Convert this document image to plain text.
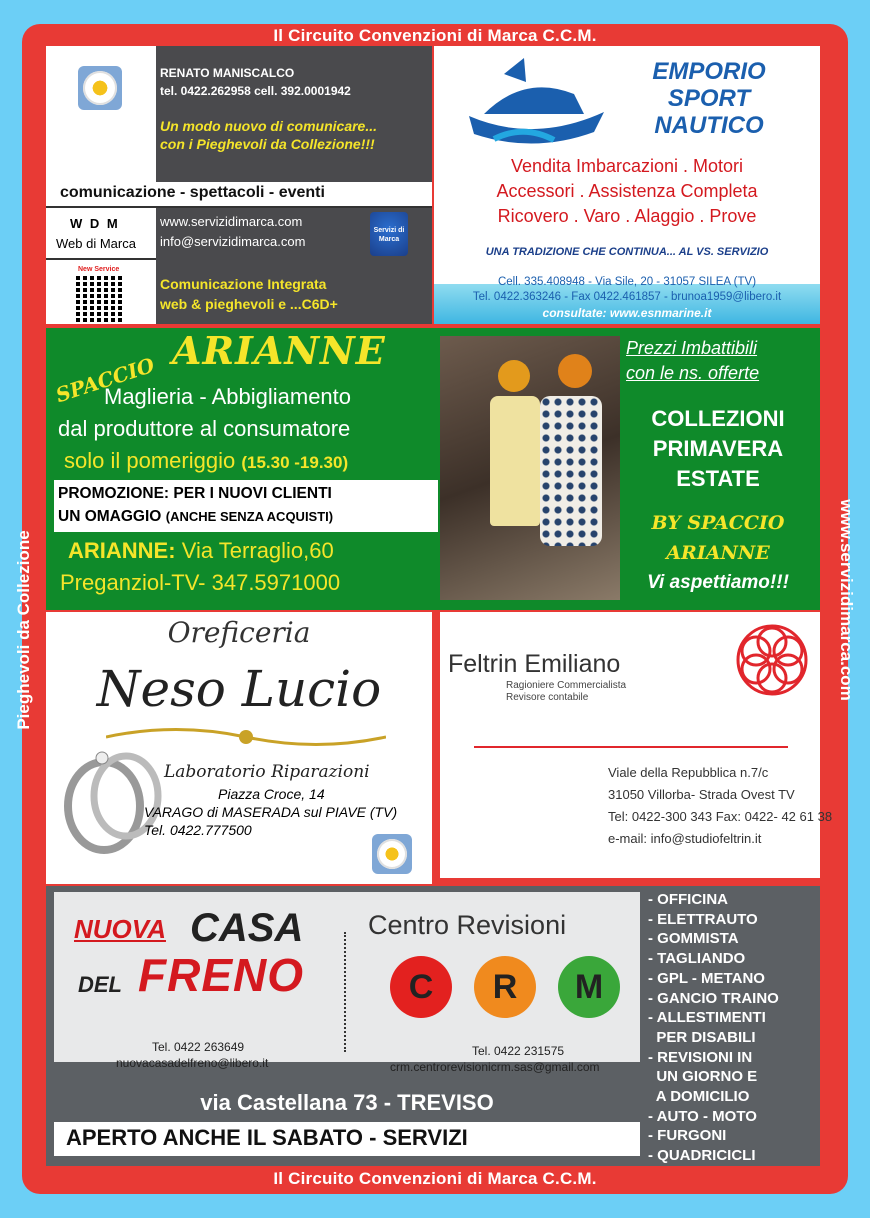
Il Circuito Convenzioni di Marca C.C.M.
Il Circuito Convenzioni di Marca C.C.M.
Pieghevoli da Collezione	www.servizidimarca.com
RENATO MANISCALCO
tel. 0422.262958 cell. 392.0001942
Un modo nuovo di comunicare...
con i Pieghevoli da Collezione!!!
comunicazione - spettacoli - eventi
www.servizidimarca.com
info@servizidimarca.com
Servizi di Marca
Comunicazione Integrata
web & pieghevoli e ...C6D+
W D M
Web di Marca
New Service
EMPORIO
SPORT
NAUTICO
Vendita Imbarcazioni . Motori
Accessori . Assistenza Completa
Ricovero . Varo . Alaggio . Prove
UNA TRADIZIONE CHE CONTINUA... AL VS. SERVIZIO
Cell. 335.408948 - Via Sile, 20 - 31057 SILEA (TV)
Tel. 0422.363246 - Fax 0422.461857 - brunoa1959@libero.it
consultate: www.esnmarine.it
SPACCIO
ARIANNE
Maglieria - Abbigliamento
dal produttore al consumatore
solo il pomeriggio (15.30 -19.30)
PROMOZIONE: PER I NUOVI CLIENTI
UN OMAGGIO (ANCHE SENZA ACQUISTI)
ARIANNE: Via Terraglio,60
Preganziol-TV- 347.5971000
Prezzi Imbattibili
con le ns. offerte
COLLEZIONI
PRIMAVERA
ESTATE
BY SPACCIO
ARIANNE
Vi aspettiamo!!!
Oreficeria
Neso Lucio
Laboratorio Riparazioni
Piazza Croce, 14
VARAGO di MASERADA sul PIAVE (TV)
Tel. 0422.777500
Feltrin Emiliano
Ragioniere Commercialista
Revisore contabile
Viale della Repubblica n.7/c
31050 Villorba- Strada Ovest TV
Tel: 0422-300 343 Fax: 0422- 42 61 38
e-mail: info@studiofeltrin.it
NUOVA CASA
DEL FRENO
Centro Revisioni
C	R	M
Tel. 0422 263649
nuovacasadelfreno@libero.it
Tel. 0422 231575
crm.centrorevisionicrm.sas@gmail.com
via Castellana 73 - TREVISO
APERTO ANCHE IL SABATO - SERVIZI
- OFFICINA
- ELETTRAUTO
- GOMMISTA
- TAGLIANDO
- GPL - METANO
- GANCIO TRAINO
- ALLESTIMENTI
PER DISABILI
- REVISIONI IN
UN GIORNO E
A DOMICILIO
- AUTO - MOTO
- FURGONI
- QUADRICICLI
